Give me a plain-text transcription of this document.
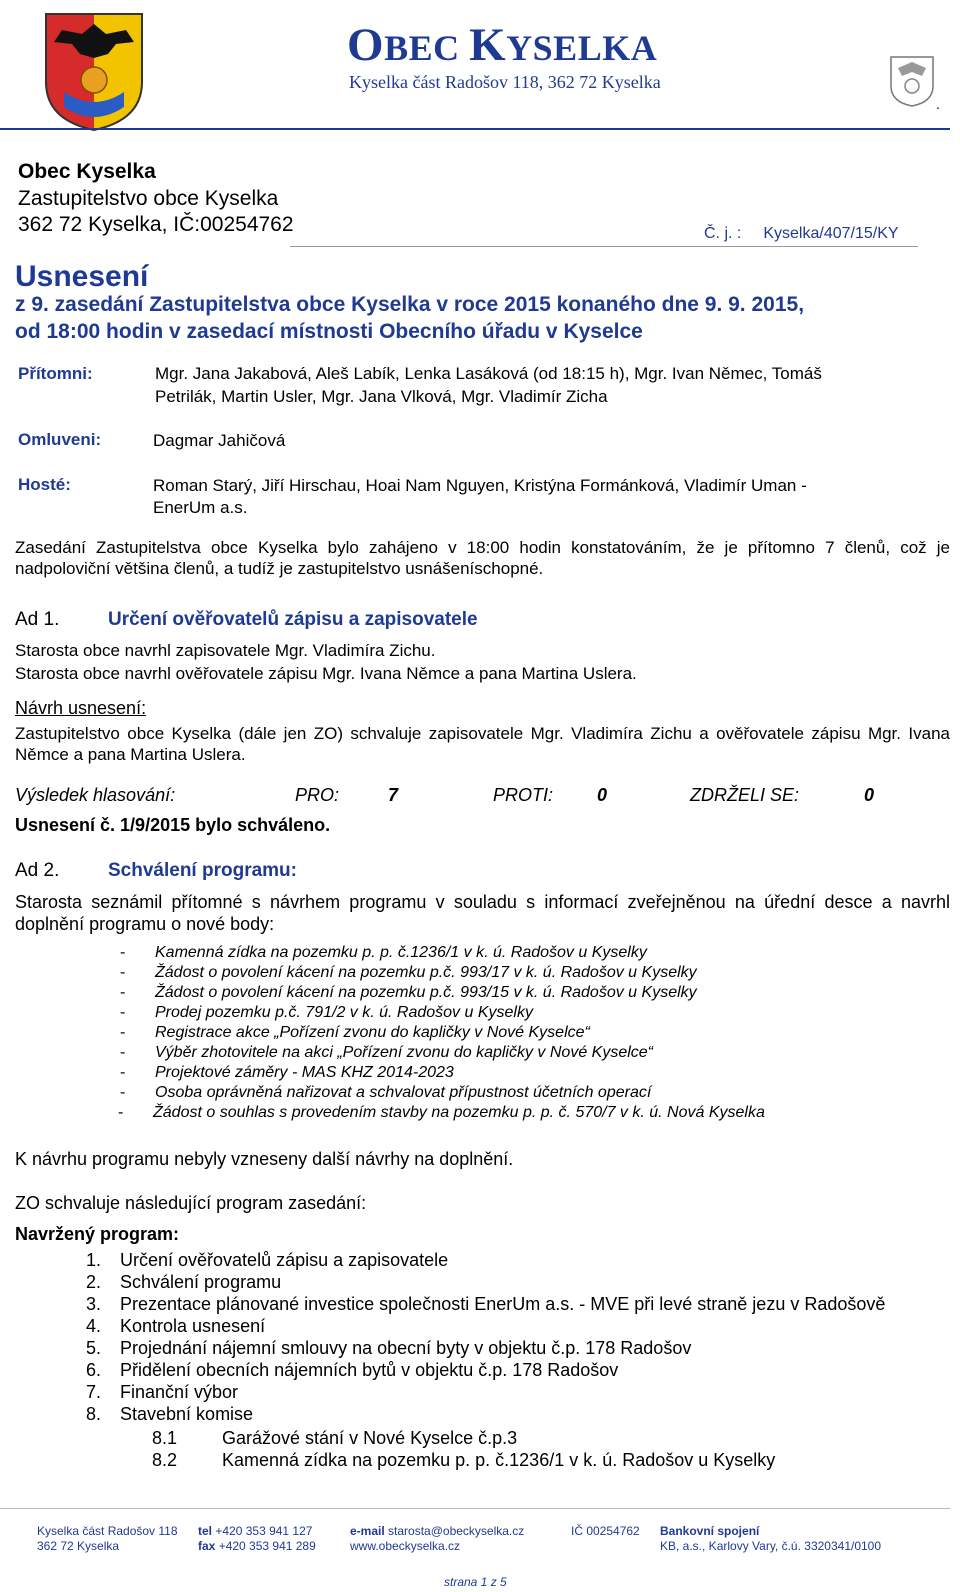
OBEC KYSELKA
Kyselka část Radošov 118, 362 72 Kyselka
.
Obec Kyselka
Zastupitelstvo obce Kyselka
362 72 Kyselka, IČ:00254762	Č. j. : Kyselka/407/15/KY
Usnesení
z 9. zasedání Zastupitelstva obce Kyselka v roce 2015 konaného dne 9. 9. 2015,
od 18:00 hodin v zasedací místnosti Obecního úřadu v Kyselce
Přítomni:	Mgr. Jana Jakabová, Aleš Labík, Lenka Lasáková (od 18:15 h), Mgr. Ivan Němec, Tomáš
Petrilák, Martin Usler, Mgr. Jana Vlková, Mgr. Vladimír Zicha
Omluveni:	Dagmar Jahičová
Hosté:	Roman Starý, Jiří Hirschau, Hoai Nam Nguyen, Kristýna Formánková, Vladimír Uman -
EnerUm a.s.
Zasedání Zastupitelstva obce Kyselka bylo zahájeno v 18:00 hodin konstatováním, že je přítomno 7 členů, což je nadpoloviční většina členů, a tudíž je zastupitelstvo usnášeníschopné.
Ad 1.	Určení ověřovatelů zápisu a zapisovatele
Starosta obce navrhl zapisovatele Mgr. Vladimíra Zichu.
Starosta obce navrhl ověřovatele zápisu Mgr. Ivana Němce a pana Martina Uslera.
Návrh usnesení:
Zastupitelstvo obce Kyselka (dále jen ZO) schvaluje zapisovatele Mgr. Vladimíra Zichu a ověřovatele zápisu Mgr. Ivana Němce a pana Martina Uslera.
Výsledek hlasování:	PRO:	7	PROTI: 0	ZDRŽELI SE:	0
Usnesení č. 1/9/2015 bylo schváleno.
Ad 2.	Schválení programu:
Starosta seznámil přítomné s návrhem programu v souladu s informací zveřejněnou na úřední desce a navrhl doplnění programu o nové body:
- Kamenná zídka na pozemku p. p. č.1236/1 v k. ú. Radošov u Kyselky
- Žádost o povolení kácení na pozemku p.č. 993/17 v k. ú. Radošov u Kyselky
- Žádost o povolení kácení na pozemku p.č. 993/15 v k. ú. Radošov u Kyselky
- Prodej pozemku p.č. 791/2 v k. ú. Radošov u Kyselky
- Registrace akce „Pořízení zvonu do kapličky v Nové Kyselce“
- Výběr zhotovitele na akci „Pořízení zvonu do kapličky v Nové Kyselce“
- Projektové záměry - MAS KHZ 2014-2023
- Osoba oprávněná nařizovat a schvalovat přípustnost účetních operací
- Žádost o souhlas s provedením stavby na pozemku p. p. č. 570/7 v k. ú. Nová Kyselka
K návrhu programu nebyly vzneseny další návrhy na doplnění.
ZO schvaluje následující program zasedání:
Navržený program:
1. Určení ověřovatelů zápisu a zapisovatele
2. Schválení programu
3. Prezentace plánované investice společnosti EnerUm a.s. - MVE při levé straně jezu v Radošově
4. Kontrola usnesení
5. Projednání nájemní smlouvy na obecní byty v objektu č.p. 178 Radošov
6. Přidělení obecních nájemních bytů v objektu č.p. 178 Radošov
7. Finanční výbor
8. Stavební komise
8.1 Garážové stání v Nové Kyselce č.p.3
8.2 Kamenná zídka na pozemku p. p. č.1236/1 v k. ú. Radošov u Kyselky
Kyselka část Radošov 118
362 72 Kyselka
tel +420 353 941 127
fax +420 353 941 289
e-mail starosta@obeckyselka.cz
www.obeckyselka.cz
IČ 00254762 Bankovní spojení
KB, a.s., Karlovy Vary, č.ú. 3320341/0100
strana 1 z 5
